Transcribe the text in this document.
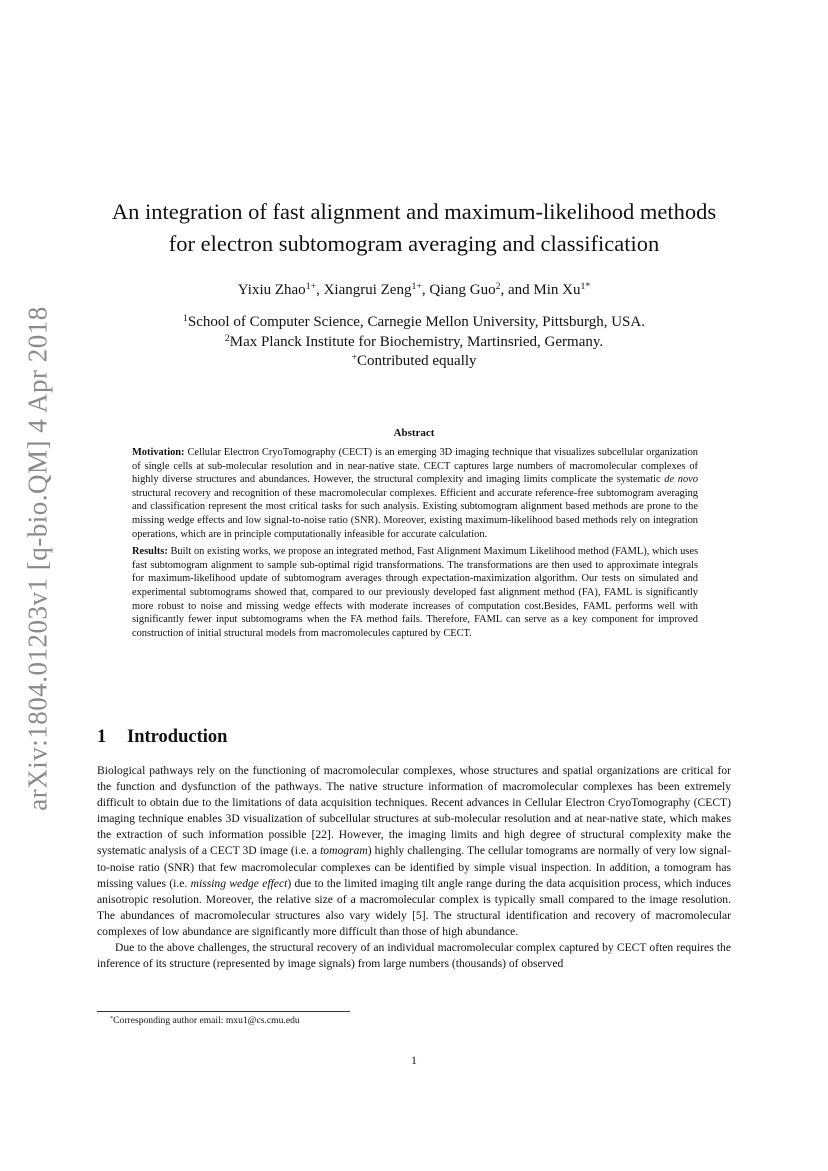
arXiv:1804.01203v1 [q-bio.QM] 4 Apr 2018
An integration of fast alignment and maximum-likelihood methods
for electron subtomogram averaging and classification
Yixiu Zhao$^{1+}$, Xiangrui Zeng$^{1+}$, Qiang Guo$^2$, and Min $Xu^{1*}$
$^1$School of Computer Science, Carnegie Mellon University, Pittsburgh, USA.
$^2$Max Planck Institute for Biochemistry, Martinsried, Germany.
+Contributed equally
Abstract

Motivation: Cellular Electron CryoTomography (CECT) is an emerging 3D imaging technique that visualizes subcellular organization of single cells at sub-molecular resolution and in near-native state. CECT captures large numbers of macromolecular complexes of highly diverse structures and abundances. However, the structural complexity and imaging limits complicate the systematic de novo structural recovery and recognition of these macromolecular complexes. Efficient and accurate reference-free subtomogram averaging and classification represent the most critical tasks for such analysis. Existing subtomogram alignment based methods are prone to the missing wedge effects and low signal-to-noise ratio (SNR). Moreover, existing maximum-likelihood based methods rely on integration operations, which are in principle computationally infeasible for accurate calculation.

Results: Built on existing works, we propose an integrated method, Fast Alignment Maximum Likelihood method (FAML), which uses fast subtomogram alignment to sample sub-optimal rigid transformations. The transformations are then used to approximate integrals for maximum-likelihood update of subtomogram averages through expectation-maximization algorithm. Our tests on simulated and experimental subtomograms showed that, compared to our previously developed fast alignment method (FA), FAML is significantly more robust to noise and missing wedge effects with moderate increases of computation cost.Besides, FAML performs well with significantly fewer input subtomograms when the FA method fails. Therefore, FAML can serve as a key component for improved construction of initial structural models from macromolecules captured by CECT.

1 Introduction

Biological pathways rely on the functioning of macromolecular complexes, whose structures and spatial organizations are critical for the function and dysfunction of the pathways. The native structure information of macromolecular complexes has been extremely difficult to obtain due to the limitations of data acquisition techniques. Recent advances in Cellular Electron CryoTomography (CECT) imaging technique enables 3D visualization of subcellular structures at sub-molecular resolution and at near-native state, which makes the extraction of such information possible [22]. However, the imaging limits and high degree of structural complexity make the systematic analysis of a CECT 3D image (i.e. a tomogram) highly challenging. The cellular tomograms are normally of very low signal-to-noise ratio (SNR) that few macromolecular complexes can be identified by simple visual inspection. In addition, a tomogram has missing values (i.e. missing wedge effect) due to the limited imaging tilt angle range during the data acquisition process, which induces anisotropic resolution. Moreover, the relative size of a macromolecular complex is typically small compared to the image resolution. The abundances of macromolecular structures also vary widely [5]. The structural identification and recovery of macromolecular complexes of low abundance are significantly more difficult than those of high abundance.

Due to the above challenges, the structural recovery of an individual macromolecular complex captured by CECT often requires the inference of its structure (represented by image signals) from large numbers (thousands) of observed

*Corresponding author email: mxu1@cs.cmu.edu
1
